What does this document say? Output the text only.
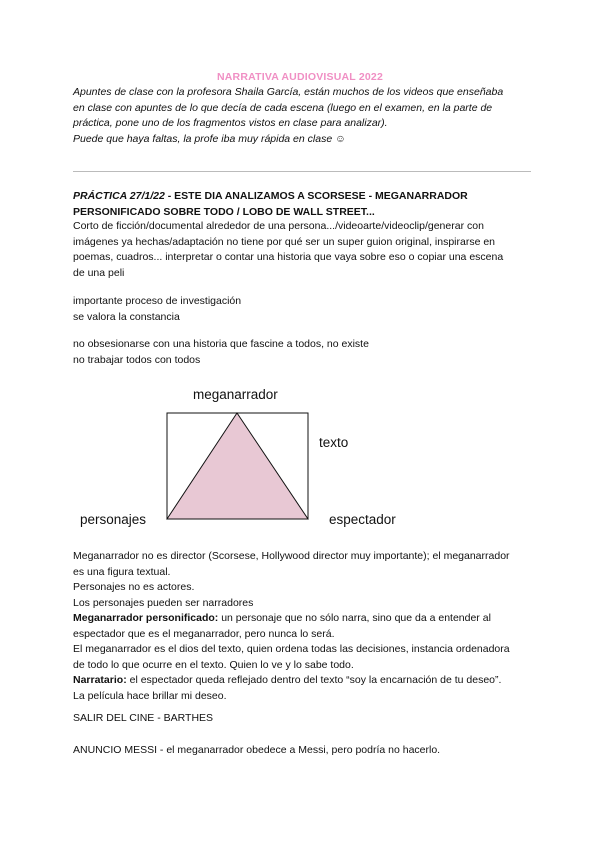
NARRATIVA AUDIOVISUAL 2022
Apuntes de clase con la profesora Shaila García, están muchos de los videos que enseñaba
en clase con apuntes de lo que decía de cada escena (luego en el examen, en la parte de
práctica, pone uno de los fragmentos vistos en clase para analizar).
Puede que haya faltas, la profe iba muy rápida en clase ☺
PRÁCTICA 27/1/22 - ESTE DIA ANALIZAMOS A SCORSESE - MEGANARRADOR
PERSONIFICADO SOBRE TODO / LOBO DE WALL STREET...
Corto de ficción/documental alrededor de una persona.../videoarte/videoclip/generar con
imágenes ya hechas/adaptación no tiene por qué ser un super guion original, inspirarse en
poemas, cuadros... interpretar o contar una historia que vaya sobre eso o copiar una escena
de una peli
importante proceso de investigación
se valora la constancia
no obsesionarse con una historia que fascine a todos, no existe
no trabajar todos con todos
meganarrador
texto
personajes	espectador
Meganarrador no es director (Scorsese, Hollywood director muy importante); el meganarrador
es una figura textual.
Personajes no es actores.
Los personajes pueden ser narradores
Meganarrador personificado: un personaje que no sólo narra, sino que da a entender al
espectador que es el meganarrador, pero nunca lo será.
El meganarrador es el dios del texto, quien ordena todas las decisiones, instancia ordenadora
de todo lo que ocurre en el texto. Quien lo ve y lo sabe todo.
Narratario: el espectador queda reflejado dentro del texto “soy la encarnación de tu deseo”.
La película hace brillar mi deseo.
SALIR DEL CINE - BARTHES
ANUNCIO MESSI - el meganarrador obedece a Messi, pero podría no hacerlo.
